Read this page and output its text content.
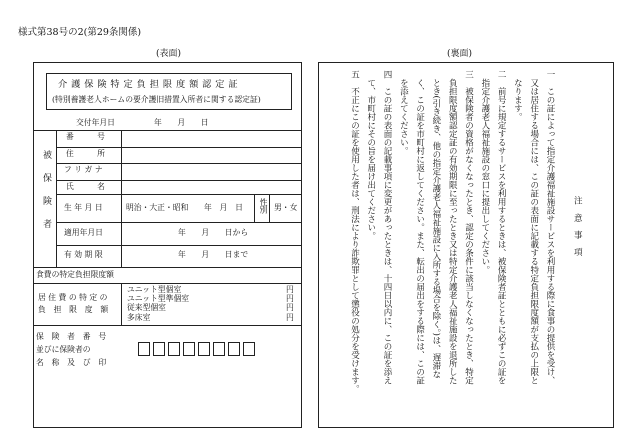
様式第38号の2(第29条関係)
(表面)
介 護 保 険 特 定 負 担 限 度 額 認 定 証
(特別養護老人ホームの要介護旧措置入所者に関する認定証)
交付年月日　　　　　年　　月　　日
被保険者
番　　　号
住　　　所
フ リ ガ ナ
氏　　　名
生 年 月 日	明治・大正・昭和　　年　月　日 性別 男・女
適用年月日	年　　月　　日から
有 効 期 限	年　　月　　日まで
食費の特定負担限度額
居 住 費 の 特 定 の
負　担　限　度　額
ユニット型個室	円
ユニット型準個室	円
従来型個室	円
多床室	円
保　険　者　番　号
並びに保険者の
名　称　及　び　印
(裏面)
注　意　事　項
一　この証によって指定介護福祉施設サービスを利用する際に食事の提供を受け、
　又は居住する場合には、この証の表面に記載する特定負担限度額が支払の上限と
　なります。
二　前号に規定するサービスを利用するときは、被保険者証とともに必ずこの証を
　指定介護老人福祉施設の窓口に提出してください。
三　被保険者の資格がなくなったとき、認定の条件に該当しなくなったとき、特定
　負担限度額認定証の有効期限に至ったとき又は特定介護老人福祉施設を退所した
　とき(引き続き、他の指定介護老人福祉施設に入所する場合を除く。)は、遅滞な
　く、この証を市町村に返してください。また、転出の届出をする際には、この証
　を添えてください。
四　この証の表面の記載事項に変更があったときは、十四日以内に、この証を添え
　て、市町村にその旨を届け出てください。
五　不正にこの証を使用した者は、刑法により詐欺罪として懲役の処分を受けます。
